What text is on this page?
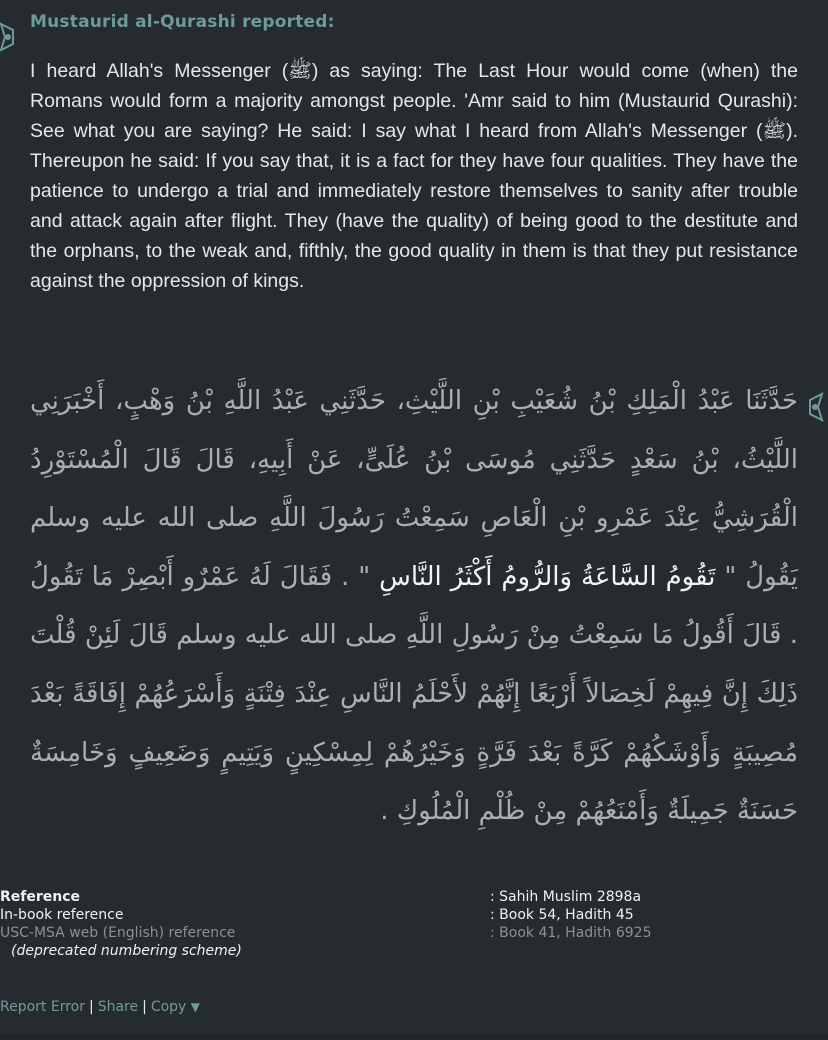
Mustaurid al-Qurashi reported:

I heard Allah's Messenger (ﷺ) as saying: The Last Hour would come (when) the Romans would form a majority amongst people. 'Amr said to him (Mustaurid Qurashi): See what you are saying? He said: I say what I heard from Allah's Messenger (ﷺ). Thereupon he said: If you say that, it is a fact for they have four qualities. They have the patience to undergo a trial and immediately restore themselves to sanity after trouble and attack again after flight. They (have the quality) of being good to the destitute and the orphans, to the weak and, fifthly, the good quality in them is that they put resistance against the oppression of kings.

حَدَّثَنَا عَبْدُ الْمَلِكِ بْنُ شُعَيْبِ بْنِ اللَّيْثِ، حَدَّثَنِي عَبْدُ اللَّهِ بْنُ وَهْبٍ، أَخْبَرَنِي اللَّيْثُ، بْنُ سَعْدٍ حَدَّثَنِي مُوسَى بْنُ عُلَىٍّ، عَنْ أَبِيهِ، قَالَ قَالَ الْمُسْتَوْرِدُ الْقُرَشِيُّ عِنْدَ عَمْرِو بْنِ الْعَاصِ سَمِعْتُ رَسُولَ اللَّهِ صلى الله عليه وسلم يَقُولُ " تَقُومُ السَّاعَةُ وَالرُّومُ أَكْثَرُ النَّاسِ " . فَقَالَ لَهُ عَمْرٌو أَبْصِرْ مَا تَقُولُ . قَالَ أَقُولُ مَا سَمِعْتُ مِنْ رَسُولِ اللَّهِ صلى الله عليه وسلم قَالَ لَئِنْ قُلْتَ ذَلِكَ إِنَّ فِيهِمْ لَخِصَالاً أَرْبَعًا إِنَّهُمْ لأَحْلَمُ النَّاسِ عِنْدَ فِتْنَةٍ وَأَسْرَعُهُمْ إِفَاقَةً بَعْدَ مُصِيبَةٍ وَأَوْشَكُهُمْ كَرَّةً بَعْدَ فَرَّةٍ وَخَيْرُهُمْ لِمِسْكِينٍ وَيَتِيمٍ وَضَعِيفٍ وَخَامِسَةٌ حَسَنَةٌ جَمِيلَةٌ وَأَمْنَعُهُمْ مِنْ ظُلْمِ الْمُلُوكِ .

Reference	: Sahih Muslim 2898a
In-book reference	: Book 54, Hadith 45
USC-MSA web (English) reference	: Book 41, Hadith 6925
(deprecated numbering scheme)
Report Error | Share | Copy ▼
